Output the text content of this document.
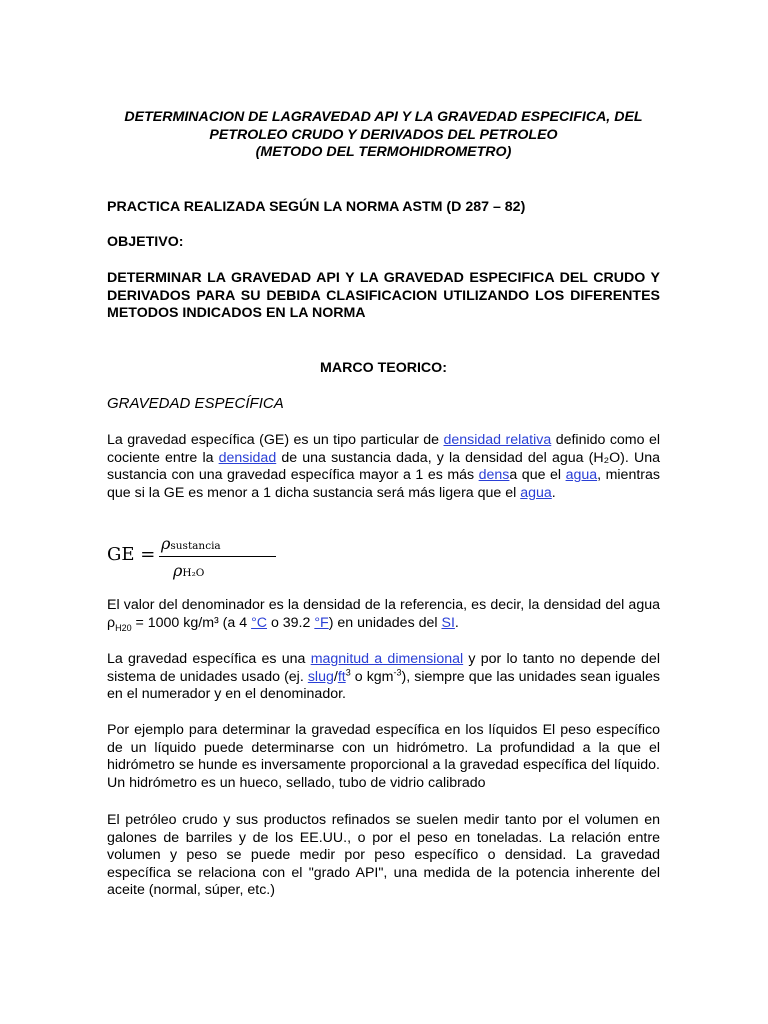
DETERMINACION DE LAGRAVEDAD API Y LA GRAVEDAD ESPECIFICA, DEL
PETROLEO CRUDO Y DERIVADOS DEL PETROLEO
(METODO DEL TERMOHIDROMETRO)
PRACTICA REALIZADA SEGÚN LA NORMA ASTM (D 287 – 82)
OBJETIVO:
DETERMINAR LA GRAVEDAD API Y LA GRAVEDAD ESPECIFICA DEL CRUDO Y DERIVADOS PARA SU DEBIDA CLASIFICACION UTILIZANDO LOS DIFERENTES METODOS INDICADOS EN LA NORMA
MARCO TEORICO:
GRAVEDAD ESPECÍFICA
La gravedad específica (GE) es un tipo particular de densidad relativa definido como el cociente entre la densidad de una sustancia dada, y la densidad del agua (H₂O). Una sustancia con una gravedad específica mayor a 1 es más densa que el agua, mientras que si la GE es menor a 1 dicha sustancia será más ligera que el agua.
GE =
ρsustancia
ρH₂O
El valor del denominador es la densidad de la referencia, es decir, la densidad del agua $\rho_{H20} = 1000$ kg/m³ (a 4 °C o 39.2 °F) en unidades del SI.
La gravedad específica es una magnitud a dimensional y por lo tanto no depende del sistema de unidades usado (ej. slug/$ft^3$ o kgm$^{-3}$), siempre que las unidades sean iguales en el numerador y en el denominador.
Por ejemplo para determinar la gravedad específica en los líquidos El peso específico de un líquido puede determinarse con un hidrómetro. La profundidad a la que el hidrómetro se hunde es inversamente proporcional a la gravedad específica del líquido. Un hidrómetro es un hueco, sellado, tubo de vidrio calibrado
El petróleo crudo y sus productos refinados se suelen medir tanto por el volumen en galones de barriles y de los EE.UU., o por el peso en toneladas. La relación entre volumen y peso se puede medir por peso específico o densidad. La gravedad específica se relaciona con el "grado API", una medida de la potencia inherente del aceite (normal, súper, etc.)
